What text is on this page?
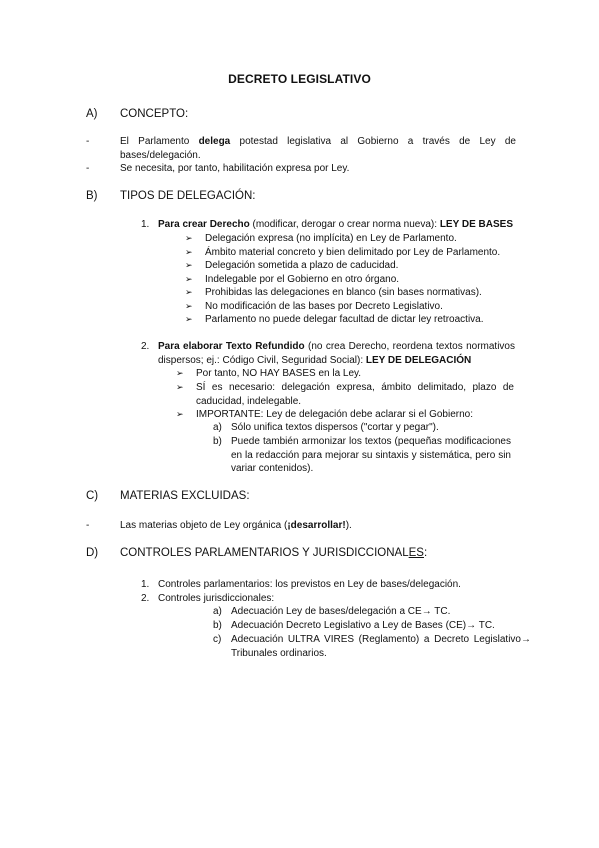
DECRETO LEGISLATIVO
A) CONCEPTO:
-	El Parlamento delega potestad legislativa al Gobierno a través de Ley de bases/delegación.
-	Se necesita, por tanto, habilitación expresa por Ley.
B) TIPOS DE DELEGACIÓN:
1. Para crear Derecho (modificar, derogar o crear norma nueva): LEY DE BASES
➢ Delegación expresa (no implícita) en Ley de Parlamento.
➢ Ámbito material concreto y bien delimitado por Ley de Parlamento.
➢ Delegación sometida a plazo de caducidad.
➢ Indelegable por el Gobierno en otro órgano.
➢ Prohibidas las delegaciones en blanco (sin bases normativas).
➢ No modificación de las bases por Decreto Legislativo.
➢ Parlamento no puede delegar facultad de dictar ley retroactiva.
2. Para elaborar Texto Refundido (no crea Derecho, reordena textos normativos dispersos; ej.: Código Civil, Seguridad Social): LEY DE DELEGACIÓN
➢ Por tanto, NO HAY BASES en la Ley.
➢ SÍ es necesario: delegación expresa, ámbito delimitado, plazo de caducidad, indelegable.
➢ IMPORTANTE: Ley de delegación debe aclarar si el Gobierno:
a) Sólo unifica textos dispersos ("cortar y pegar").
b) Puede también armonizar los textos (pequeñas modificaciones en la redacción para mejorar su sintaxis y sistemática, pero sin variar contenidos).
C) MATERIAS EXCLUIDAS:
-	Las materias objeto de Ley orgánica (¡desarrollar!).
D) CONTROLES PARLAMENTARIOS Y JURISDICCIONALES:
1. Controles parlamentarios: los previstos en Ley de bases/delegación.
2. Controles jurisdiccionales:
a) Adecuación Ley de bases/delegación a CE→ TC.
b) Adecuación Decreto Legislativo a Ley de Bases (CE)→ TC.
c) Adecuación ULTRA VIRES (Reglamento) a Decreto Legislativo→ Tribunales ordinarios.
